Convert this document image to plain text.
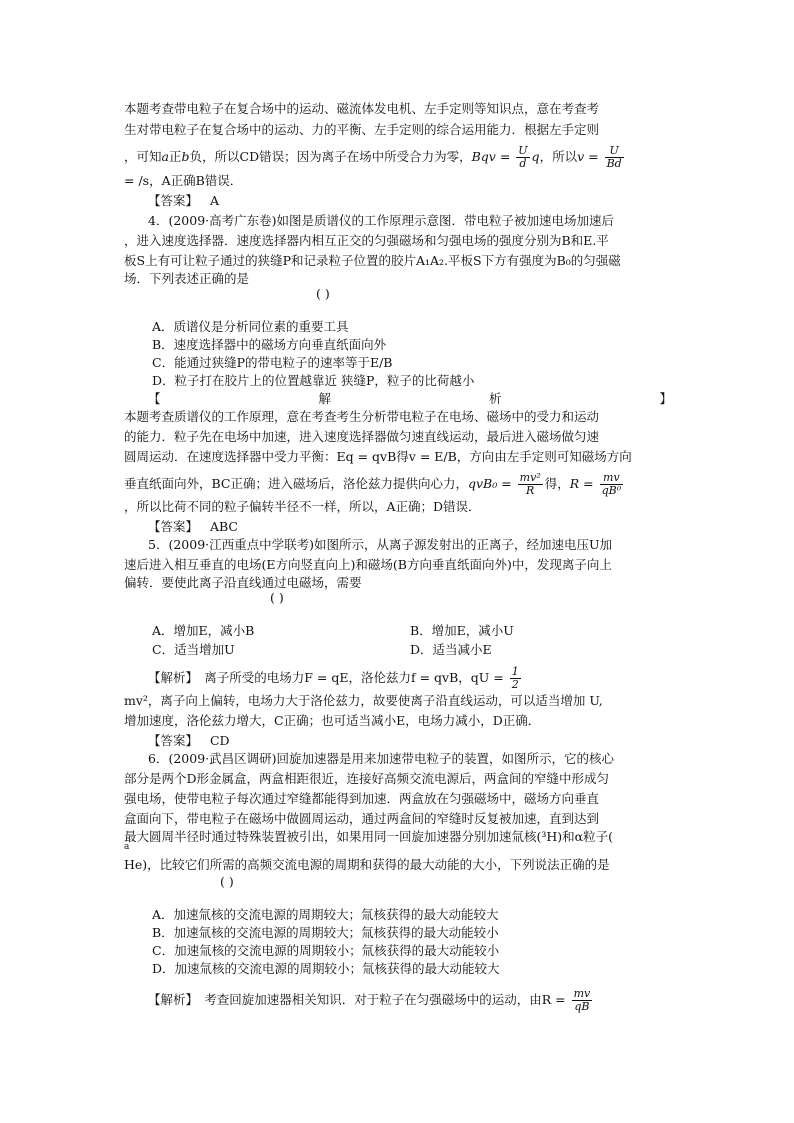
本题考查带电粒子在复合场中的运动、磁流体发电机、左手定则等知识点，意在考查考
生对带电粒子在复合场中的运动、力的平衡、左手定则的综合运用能力．根据左手定则
，可知a正b负，所以CD错误；因为离子在场中所受合力为零，Bqv = $\frac{U}{d}$ q，所以$v = \frac{U}{Bd}$
= /s，A正确B错误．
【答案】 A
4．(2009·高考广东卷)如图是质谱仪的工作原理示意图．带电粒子被加速电场加速后
，进入速度选择器．速度选择器内相互正交的匀强磁场和匀强电场的强度分别为B和E.平
板S上有可让粒子通过的狭缝P和记录粒子位置的胶片A₁A₂.平板S下方有强度为B₀的匀强磁
场．下列表述正确的是
( )
A．质谱仪是分析同位素的重要工具
B．速度选择器中的磁场方向垂直纸面向外
C．能通过狭缝P的带电粒子的速率等于E/B
D．粒子打在胶片上的位置越靠近 狭缝P，粒子的比荷越小
【	解	析	】
本题考查质谱仪的工作原理，意在考查考生分析带电粒子在电场、磁场中的受力和运动
的能力．粒子先在电场中加速，进入速度选择器做匀速直线运动，最后进入磁场做匀速
圆周运动．在速度选择器中受力平衡：Eq = qvB得v = E/B，方向由左手定则可知磁场方向
垂直纸面向外，BC正确；进入磁场后，洛伦兹力提供向心力，$qvB_0 = \frac{\text{mv²}}{R}$ 得，$R = \frac{mv}{\text{qB⁰}}$
，所以比荷不同的粒子偏转半径不一样，所以，A正确；D错误．
【答案】 ABC
5．(2009·江西重点中学联考)如图所示，从离子源发射出的正离子，经加速电压U加
速后进入相互垂直的电场(E方向竖直向上)和磁场(B方向垂直纸面向外)中，发现离子向上
偏转．要使此离子沿直线通过电磁场，需要
( )
A．增加E，减小B	B．增加E，减小U
C．适当增加U	D．适当减小E
【解析】　离子所受的电场力F = qE，洛伦兹力f = qvB，qU = $\frac{1}{2}$
mv²，离子向上偏转，电场力大于洛伦兹力，故要使离子沿直线运动，可以适当增加 U,
增加速度，洛伦兹力增大，C正确；也可适当减小E，电场力减小，D正确．
【答案】 CD
6．(2009·武昌区调研)回旋加速器是用来加速带电粒子的装置，如图所示，它的核心
部分是两个D形金属盒，两盒相距很近，连接好高频交流电源后，两盒间的窄缝中形成匀
强电场，使带电粒子每次通过窄缝都能得到加速．两盒放在匀强磁场中，磁场方向垂直
盒面向下，带电粒子在磁场中做圆周运动，通过两盒间的窄缝时反复被加速，直到达到
最大圆周半径时通过特殊装置被引出，如果用同一回旋加速器分别加速氚核(³H)和α粒子(
a
He)，比较它们所需的高频交流电源的周期和获得的最大动能的大小，下列说法正确的是
( )
A．加速氚核的交流电源的周期较大；氚核获得的最大动能较大
B．加速氚核的交流电源的周期较大；氚核获得的最大动能较小
C．加速氚核的交流电源的周期较小；氚核获得的最大动能较小
D．加速氚核的交流电源的周期较小；氚核获得的最大动能较大
【解析】　考查回旋加速器相关知识．对于粒子在匀强磁场中的运动，由$R = \frac{mv}{qB}$
